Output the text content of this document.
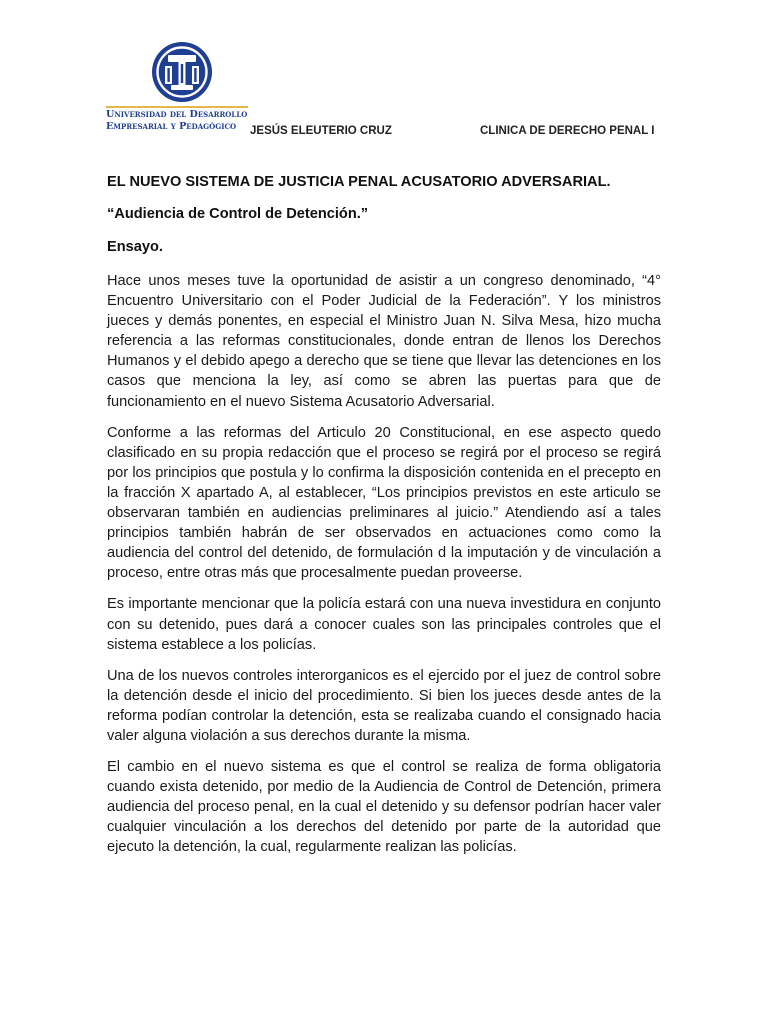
Universidad del Desarrollo
Empresarial y Pedagógico	JESÚS ELEUTERIO CRUZ	CLINICA DE DERECHO PENAL I
EL NUEVO SISTEMA DE JUSTICIA PENAL ACUSATORIO ADVERSARIAL.
“Audiencia de Control de Detención.”
Ensayo.

Hace unos meses tuve la oportunidad de asistir a un congreso denominado, “4° Encuentro Universitario con el Poder Judicial de la Federación”. Y los ministros jueces y demás ponentes, en especial el Ministro Juan N. Silva Mesa, hizo mucha referencia a las reformas constitucionales, donde entran de llenos los Derechos Humanos y el debido apego a derecho que se tiene que llevar las detenciones en los casos que menciona la ley, así como se abren las puertas para que de funcionamiento en el nuevo Sistema Acusatorio Adversarial.

Conforme a las reformas del Articulo 20 Constitucional, en ese aspecto quedo clasificado en su propia redacción que el proceso se regirá por el proceso se regirá por los principios que postula y lo confirma la disposición contenida en el precepto en la fracción X apartado A, al establecer, “Los principios previstos en este articulo se observaran también en audiencias preliminares al juicio.” Atendiendo así a tales principios también habrán de ser observados en actuaciones como como la audiencia del control del detenido, de formulación d la imputación y de vinculación a proceso, entre otras más que procesalmente puedan proveerse.

Es importante mencionar que la policía estará con una nueva investidura en conjunto con su detenido, pues dará a conocer cuales son las principales controles que el sistema establece a los policías.

Una de los nuevos controles interorganicos es el ejercido por el juez de control sobre la detención desde el inicio del procedimiento. Si bien los jueces desde antes de la reforma podían controlar la detención, esta se realizaba cuando el consignado hacia valer alguna violación a sus derechos durante la misma.

El cambio en el nuevo sistema es que el control se realiza de forma obligatoria cuando exista detenido, por medio de la Audiencia de Control de Detención, primera audiencia del proceso penal, en la cual el detenido y su defensor podrían hacer valer cualquier vinculación a los derechos del detenido por parte de la autoridad que ejecuto la detención, la cual, regularmente realizan las policías.
